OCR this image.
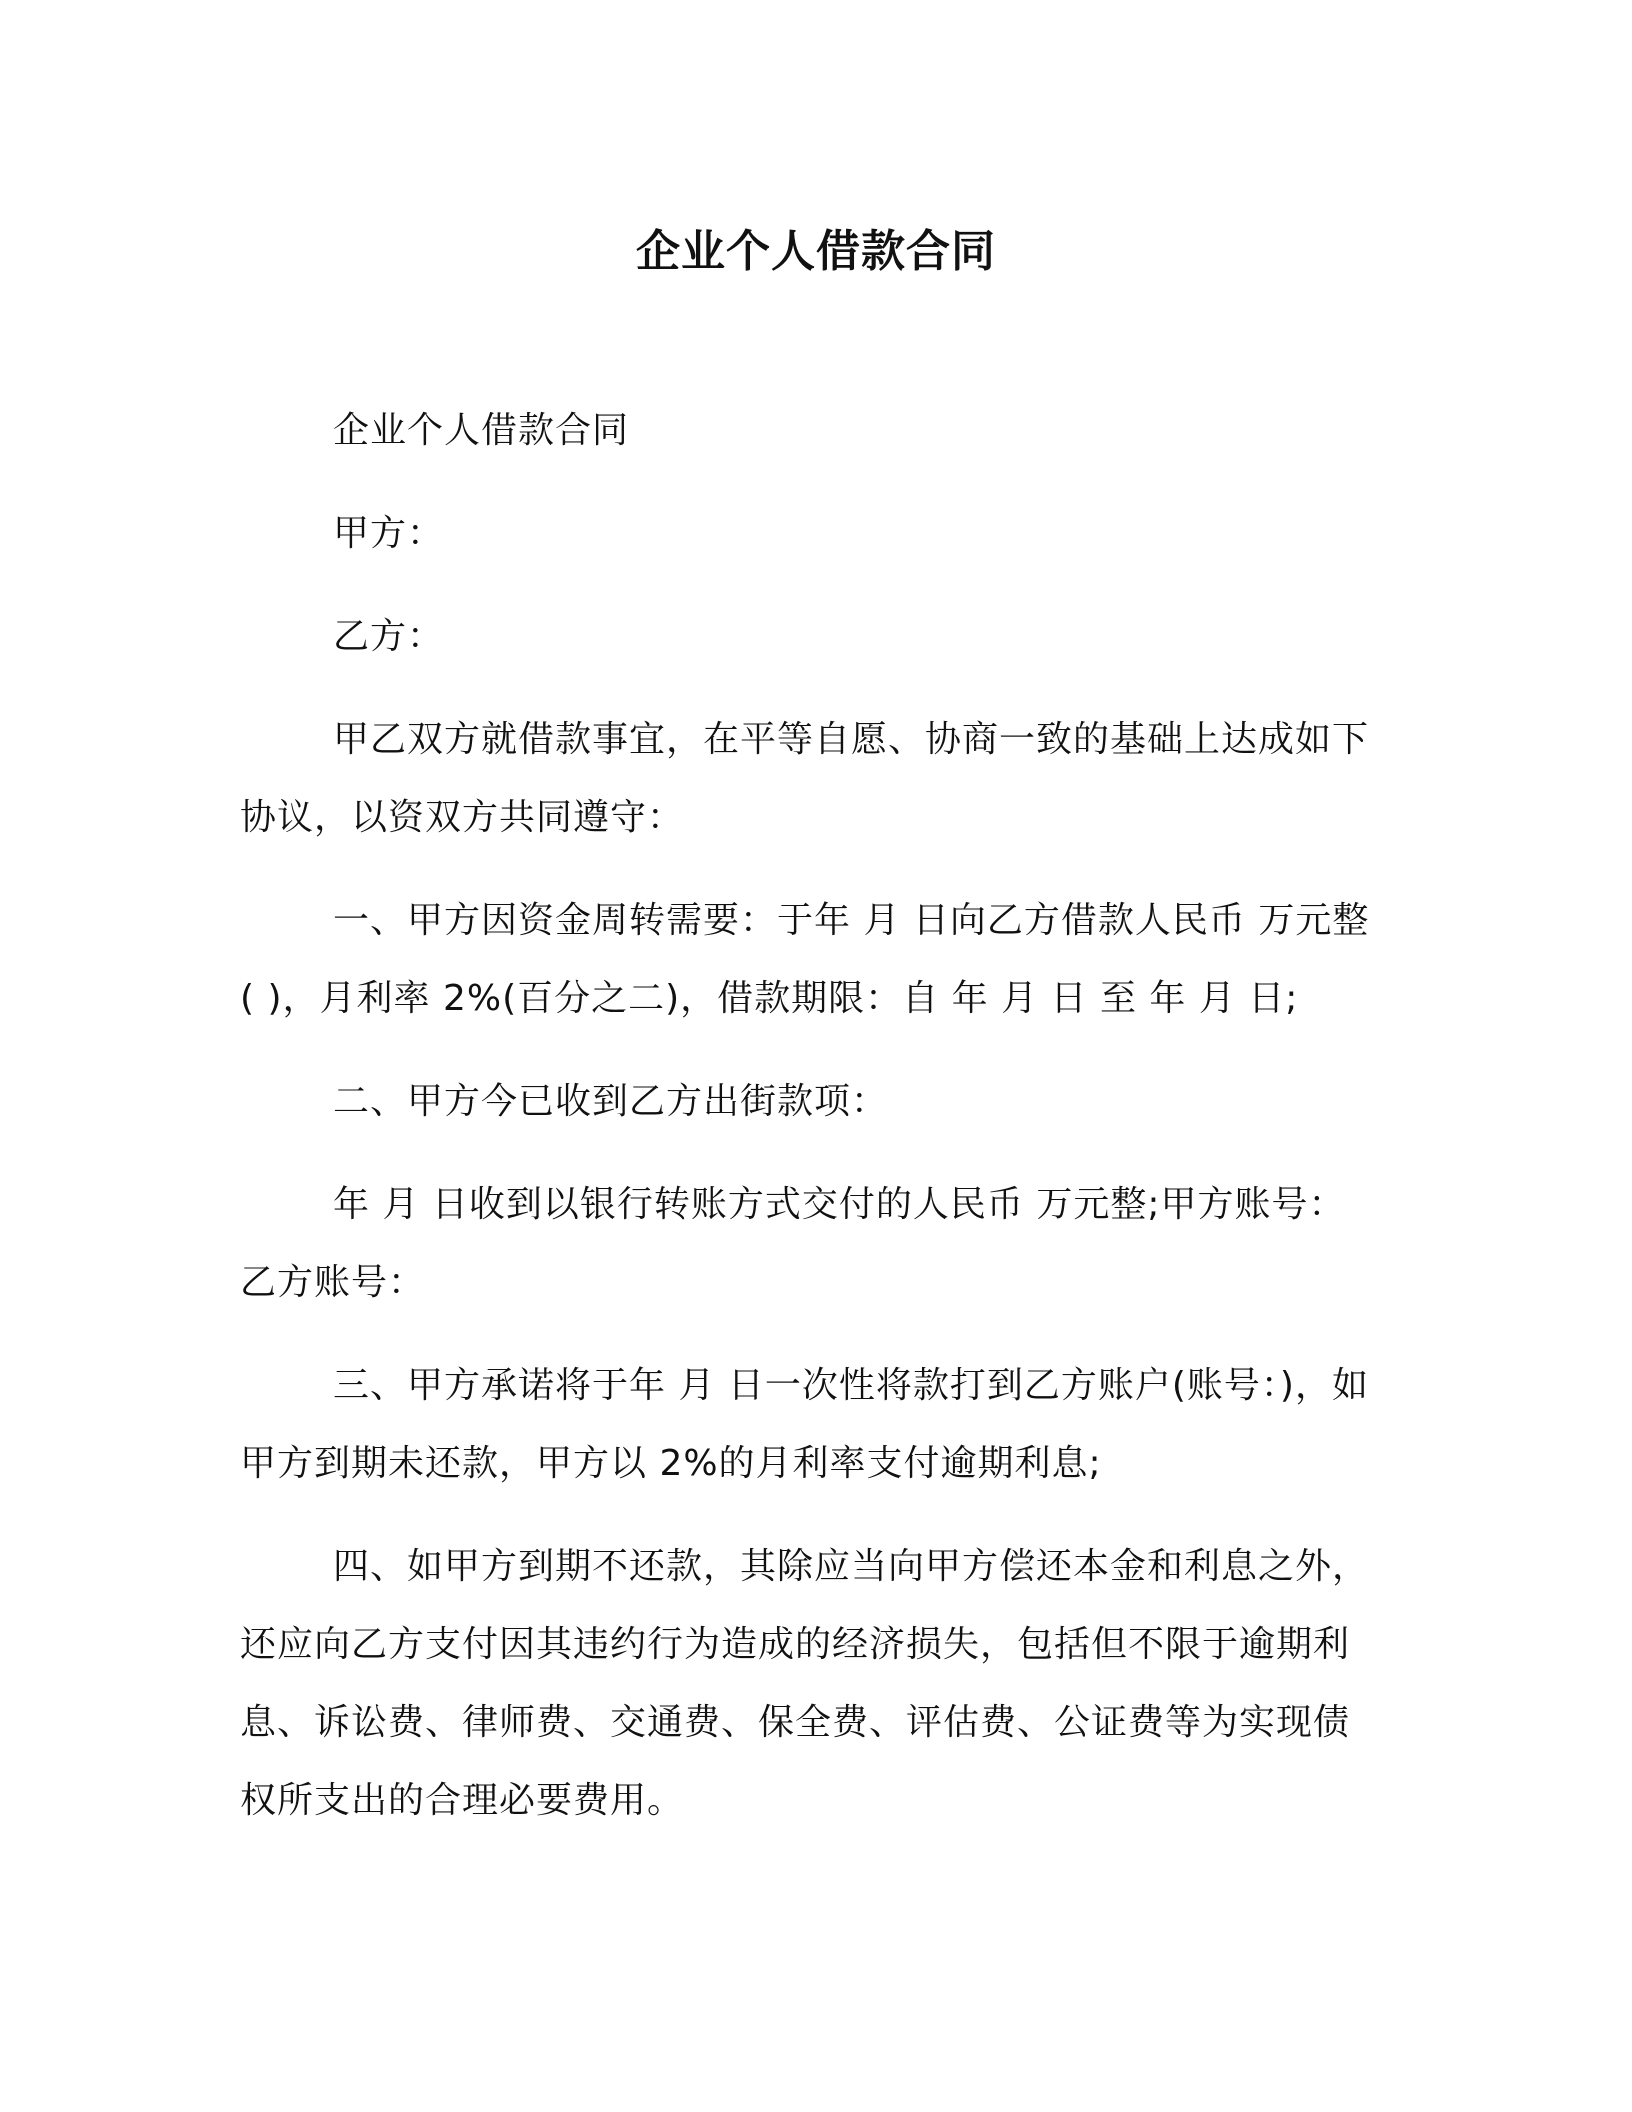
企业个人借款合同

企业个人借款合同

甲方：

乙方：

甲乙双方就借款事宜，在平等自愿、协商一致的基础上达成如下协议，以资双方共同遵守：

一、甲方因资金周转需要：于年 月 日向乙方借款人民币 万元整( )，月利率 2%(百分之二)，借款期限：自 年 月 日 至 年 月 日;

二、甲方今已收到乙方出街款项：

年 月 日收到以银行转账方式交付的人民币 万元整;甲方账号： 乙方账号：

三、甲方承诺将于年 月 日一次性将款打到乙方账户(账号：)，如甲方到期未还款，甲方以 2%的月利率支付逾期利息;

四、如甲方到期不还款，其除应当向甲方偿还本金和利息之外，还应向乙方支付因其违约行为造成的经济损失，包括但不限于逾期利息、诉讼费、律师费、交通费、保全费、评估费、公证费等为实现债权所支出的合理必要费用。
